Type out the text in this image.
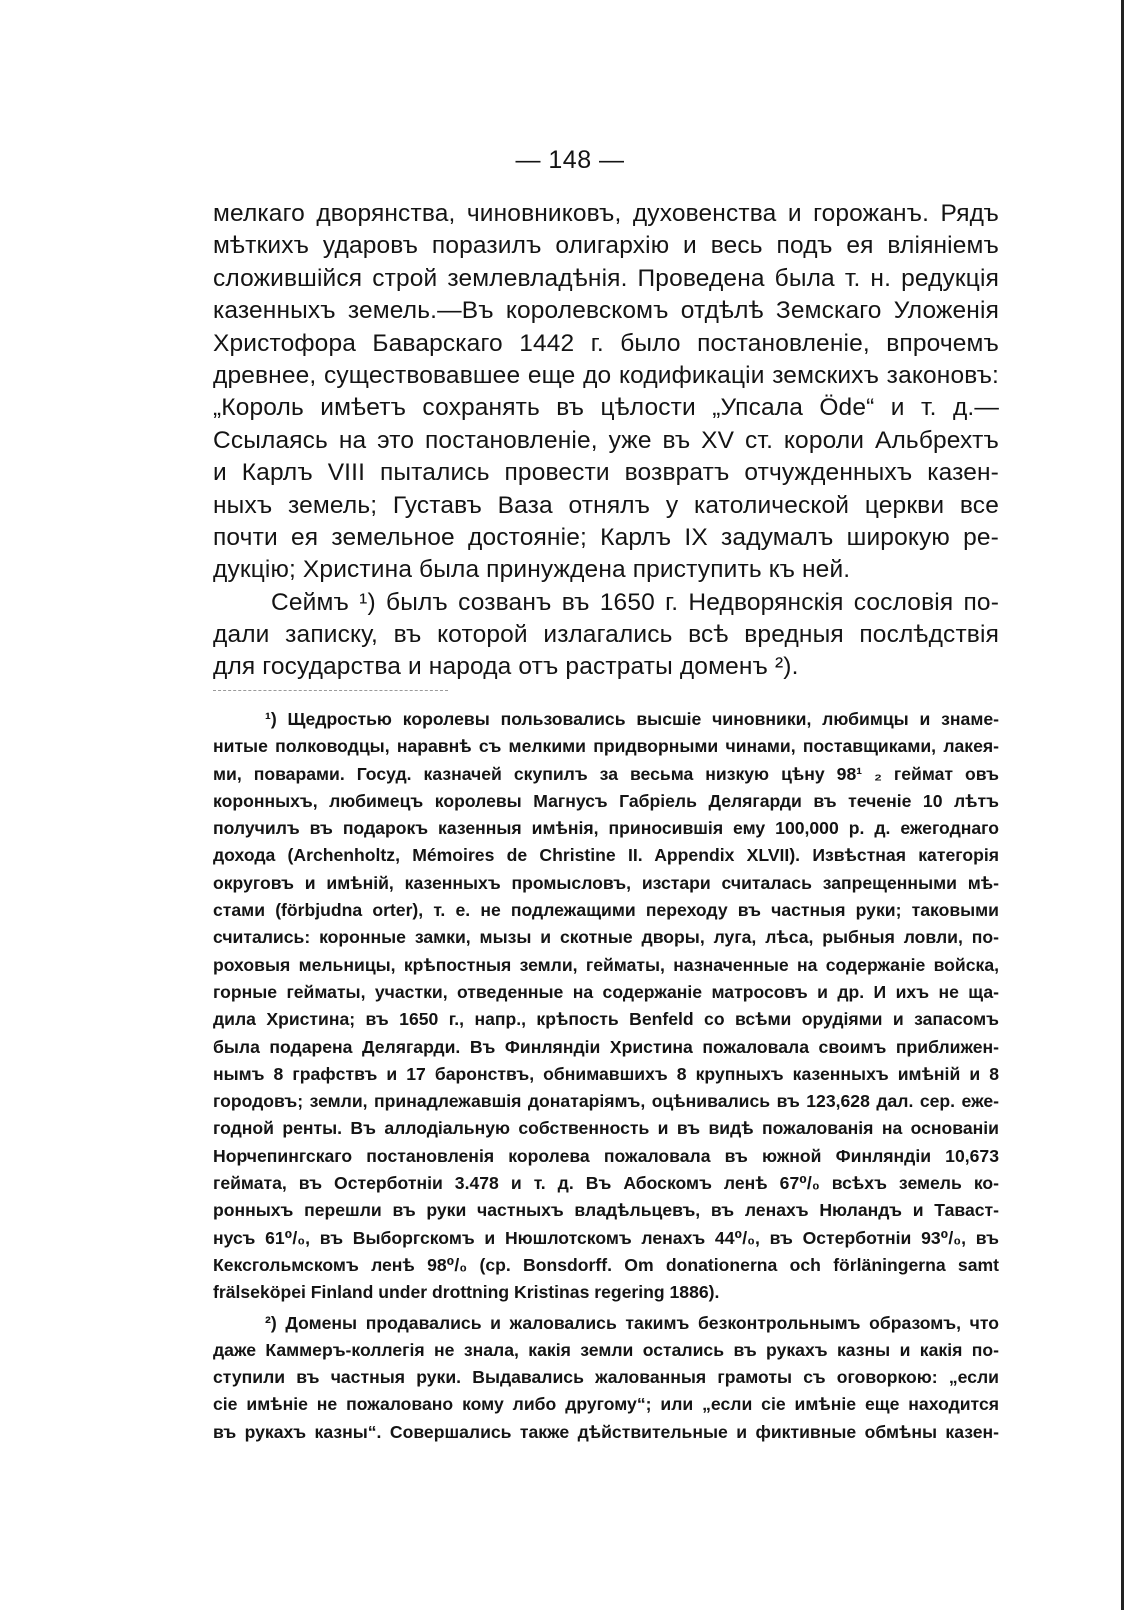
— 148 —
мелкаго дворянства, чиновниковъ, духовенства и горожанъ. Рядъ
мѣткихъ ударовъ поразилъ олигархію и весь подъ ея вліяніемъ
сложившійся строй землевладѣнія. Проведена была т. н. редукція
казенныхъ земель.—Въ королевскомъ отдѣлѣ Земскаго Уложенія
Христофора Баварскаго 1442 г. было постановленіе, впрочемъ
древнее, существовавшее еще до кодификаціи земскихъ законовъ:
„Король имѣетъ сохранять въ цѣлости „Упсала Öde“ и т. д.—
Ссылаясь на это постановленіе, уже въ XV ст. короли Альбрехтъ
и Карлъ VIII пытались провести возвратъ отчужденныхъ казен-
ныхъ земель; Густавъ Ваза отнялъ у католической церкви все
почти ея земельное достояніе; Карлъ IX задумалъ широкую ре-
дукцію; Христина была принуждена приступить къ ней.
Сеймъ ¹) былъ созванъ въ 1650 г. Недворянскія сословія по-
дали записку, въ которой излагались всѣ вредныя послѣдствія
для государства и народа отъ растраты доменъ ²).
¹) Щедростью королевы пользовались высшіе чиновники, любимцы и знаме-
нитые полководцы, наравнѣ съ мелкими придворными чинами, поставщиками, лакея-
ми, поварами. Госуд. казначей скупилъ за весьма низкую цѣну 98¹ ₂ геймат овъ
коронныхъ, любимецъ королевы Магнусъ Габріель Делягарди въ теченіе 10 лѣтъ
получилъ въ подарокъ казенныя имѣнія, приносившія ему 100,000 р. д. ежегоднаго
дохода (Archenholtz, Mémoires de Christine II. Appendix XLVII). Извѣстная категорія
округовъ и имѣній, казенныхъ промысловъ, изстари считалась запрещенными мѣ-
стами (förbjudna orter), т. е. не подлежащими переходу въ частныя руки; таковыми
считались: коронные замки, мызы и скотные дворы, луга, лѣса, рыбныя ловли, по-
роховыя мельницы, крѣпостныя земли, гейматы, назначенные на содержаніе войска,
горные гейматы, участки, отведенные на содержаніе матросовъ и др. И ихъ не ща-
дила Христина; въ 1650 г., напр., крѣпость Benfeld со всѣми орудіями и запасомъ
была подарена Делягарди. Въ Финляндіи Христина пожаловала своимъ приближен-
нымъ 8 графствъ и 17 баронствъ, обнимавшихъ 8 крупныхъ казенныхъ имѣній и 8
городовъ; земли, принадлежавшія донатаріямъ, оцѣнивались въ 123,628 дал. сер. еже-
годной ренты. Въ аллодіальную собственность и въ видѣ пожалованія на основаніи
Норчепингскаго постановленія королева пожаловала въ южной Финляндіи 10,673
гейматa, въ Остерботніи 3.478 и т. д. Въ Абоскомъ ленѣ 67⁰/₀ всѣхъ земель ко-
ронныхъ перешли въ руки частныхъ владѣльцевъ, въ ленахъ Нюландъ и Таваст-
нусъ 61⁰/₀, въ Выборгскомъ и Нюшлотскомъ ленахъ 44⁰/₀, въ Остерботніи 93⁰/₀, въ
Кексгольмскомъ ленѣ 98⁰/₀ (ср. Bonsdorff. Om donationerna och förläningerna samt
frälseköpei Finland under drottning Kristinas regering 1886).
²) Домены продавались и жаловались такимъ безконтрольнымъ образомъ, что
даже Каммеръ-коллегія не знала, какія земли остались въ рукахъ казны и какія по-
ступили въ частныя руки. Выдавались жалованныя грамоты съ оговоркою: „если
сіе имѣніе не пожаловано кому либо другому“; или „если сіе имѣніе еще находится
въ рукахъ казны“. Совершались также дѣйствительные и фиктивные обмѣны казен-
